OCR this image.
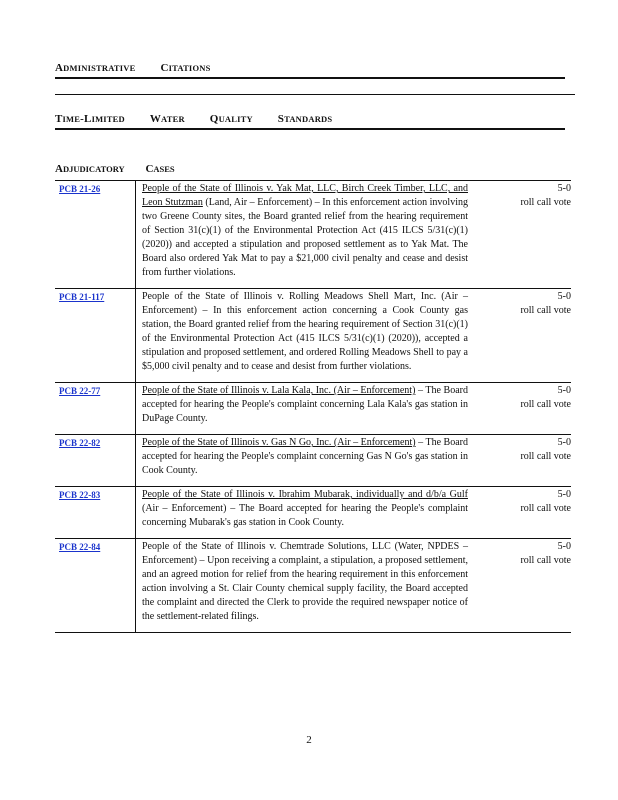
ADMINISTRATIVE CITATIONS
TIME-LIMITED WATER QUALITY STANDARDS
ADJUDICATORY CASES
PCB 21-26	People of the State of Illinois v. Yak Mat, LLC, Birch Creek Timber, LLC, and Leon Stutzman (Land, Air – Enforcement) – In this enforcement action involving two Greene County sites, the Board granted relief from the hearing requirement of Section 31(c)(1) of the Environmental Protection Act (415 ILCS 5/31(c)(1) (2020)) and accepted a stipulation and proposed settlement as to Yak Mat. The Board also ordered Yak Mat to pay a $21,000 civil penalty and cease and desist from further violations.
5-0
roll call vote
PCB 21-117	People of the State of Illinois v. Rolling Meadows Shell Mart, Inc. (Air – Enforcement) – In this enforcement action concerning a Cook County gas station, the Board granted relief from the hearing requirement of Section 31(c)(1) of the Environmental Protection Act (415 ILCS 5/31(c)(1) (2020)), accepted a stipulation and proposed settlement, and ordered Rolling Meadows Shell to pay a $5,000 civil penalty and to cease and desist from further violations.
5-0
roll call vote
PCB 22-77	People of the State of Illinois v. Lala Kala, Inc. (Air – Enforcement) – The Board accepted for hearing the People's complaint concerning Lala Kala's gas station in DuPage County.
5-0
roll call vote
PCB 22-82	People of the State of Illinois v. Gas N Go, Inc. (Air – Enforcement) – The Board accepted for hearing the People's complaint concerning Gas N Go's gas station in Cook County.
5-0
roll call vote
PCB 22-83	People of the State of Illinois v. Ibrahim Mubarak, individually and d/b/a Gulf (Air – Enforcement) – The Board accepted for hearing the People's complaint concerning Mubarak's gas station in Cook County.
5-0
roll call vote
PCB 22-84	People of the State of Illinois v. Chemtrade Solutions, LLC (Water, NPDES – Enforcement) – Upon receiving a complaint, a stipulation, a proposed settlement, and an agreed motion for relief from the hearing requirement in this enforcement action involving a St. Clair County chemical supply facility, the Board accepted the complaint and directed the Clerk to provide the required newspaper notice of the settlement-related filings.
5-0
roll call vote
2
